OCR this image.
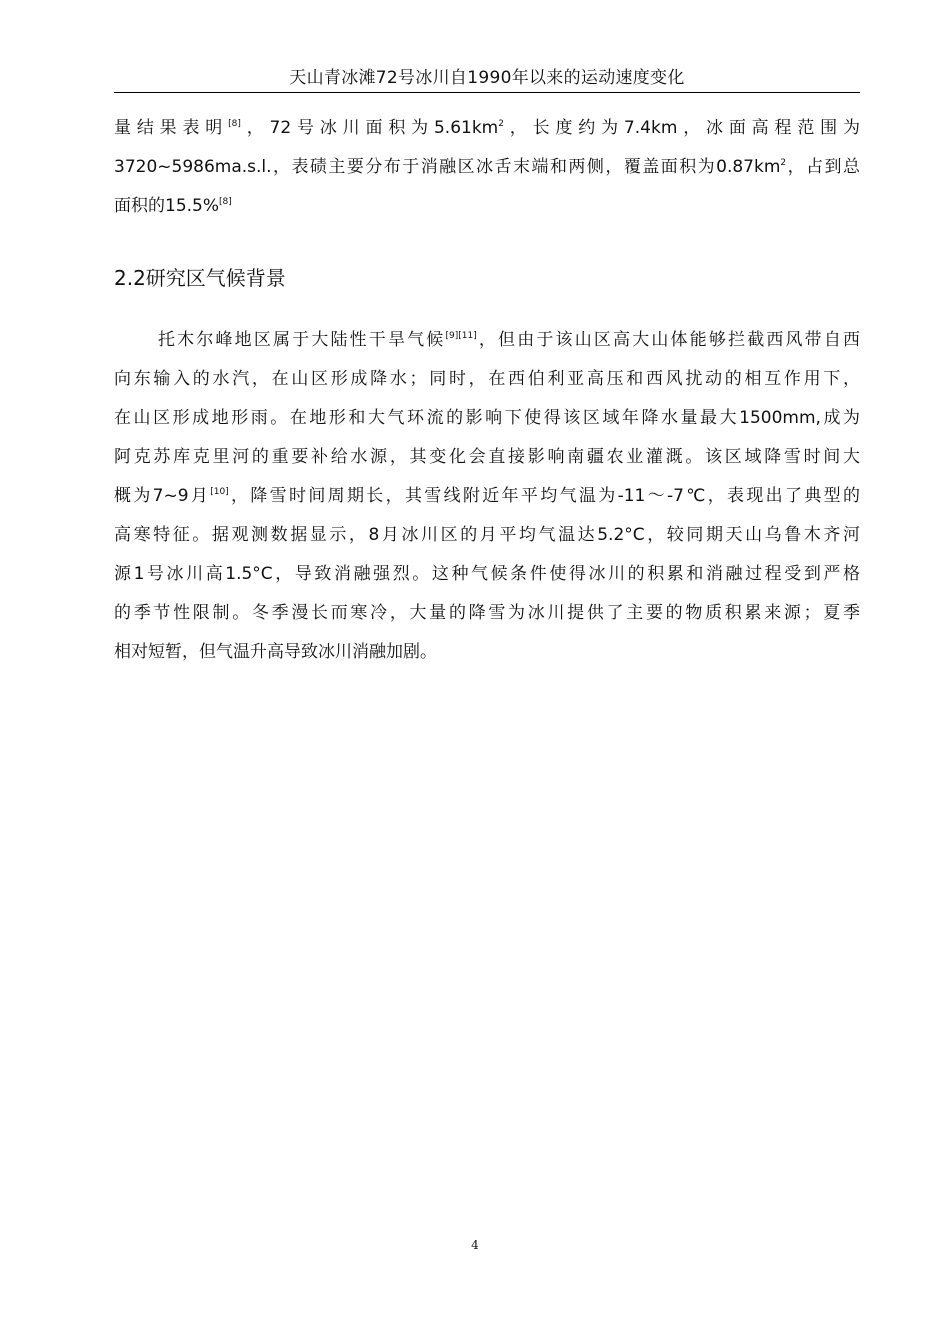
天山青冰滩72号冰川自1990年以来的运动速度变化
量结果表明[8]，72号冰川面积为$5.61km^2$，长度约为7.4km，冰面高程范围为
3720~5986ma.s.l.，表碛主要分布于消融区冰舌末端和两侧，覆盖面积为$0.87km^2$，占到总
面积的15.5%[8]
2.2研究区气候背景
托木尔峰地区属于大陆性干旱气候[9][11]，但由于该山区高大山体能够拦截西风带自西
向东输入的水汽，在山区形成降水；同时，在西伯利亚高压和西风扰动的相互作用下，
在山区形成地形雨。在地形和大气环流的影响下使得该区域年降水量最大1500mm,成为
阿克苏库克里河的重要补给水源，其变化会直接影响南疆农业灌溉。该区域降雪时间大
概为7~9月[10]，降雪时间周期长，其雪线附近年平均气温为-11～-7℃，表现出了典型的
高寒特征。据观测数据显示，8月冰川区的月平均气温达5.2°C，较同期天山乌鲁木齐河
源1号冰川高1.5°C，导致消融强烈。这种气候条件使得冰川的积累和消融过程受到严格
的季节性限制。冬季漫长而寒冷，大量的降雪为冰川提供了主要的物质积累来源；夏季
相对短暂，但气温升高导致冰川消融加剧。
4
